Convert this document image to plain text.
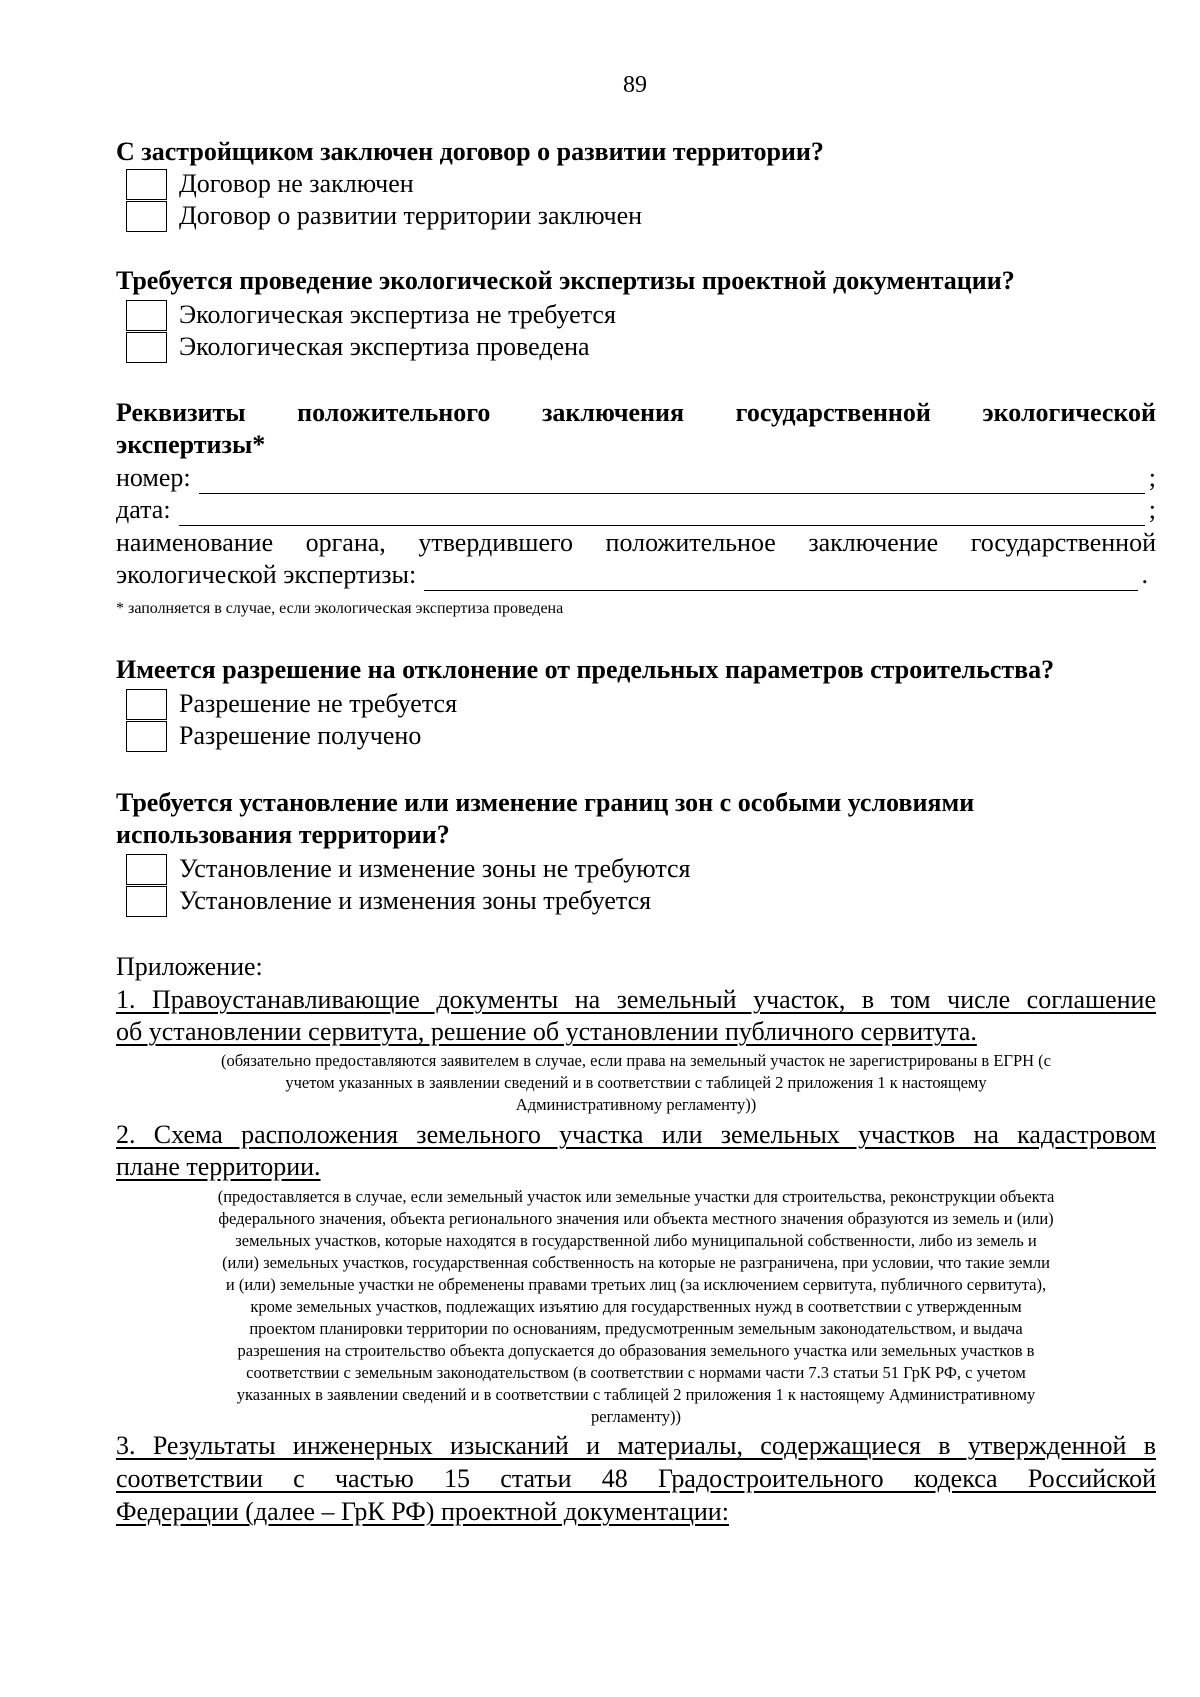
89
С застройщиком заключен договор о развитии территории?
Договор не заключен
Договор о развитии территории заключен
Требуется проведение экологической экспертизы проектной документации?
Экологическая экспертиза не требуется
Экологическая экспертиза проведена
Реквизиты положительного заключения государственной экологической
экспертизы*
номер:	;
дата:	;
наименование органа, утвердившего положительное заключение государственной
экологической экспертизы:	.
* заполняется в случае, если экологическая экспертиза проведена
Имеется разрешение на отклонение от предельных параметров строительства?
Разрешение не требуется
Разрешение получено
Требуется установление или изменение границ зон с особыми условиями
использования территории?
Установление и изменение зоны не требуются
Установление и изменения зоны требуется
Приложение:
1. Правоустанавливающие документы на земельный участок, в том числе соглашение
об установлении сервитута, решение об установлении публичного сервитута.
(обязательно предоставляются заявителем в случае, если права на земельный участок не зарегистрированы в ЕГРН (с
учетом указанных в заявлении сведений и в соответствии с таблицей 2 приложения 1 к настоящему
Административному регламенту))
2. Схема расположения земельного участка или земельных участков на кадастровом
плане территории.
(предоставляется в случае, если земельный участок или земельные участки для строительства, реконструкции объекта
федерального значения, объекта регионального значения или объекта местного значения образуются из земель и (или)
земельных участков, которые находятся в государственной либо муниципальной собственности, либо из земель и
(или) земельных участков, государственная собственность на которые не разграничена, при условии, что такие земли
и (или) земельные участки не обременены правами третьих лиц (за исключением сервитута, публичного сервитута),
кроме земельных участков, подлежащих изъятию для государственных нужд в соответствии с утвержденным
проектом планировки территории по основаниям, предусмотренным земельным законодательством, и выдача
разрешения на строительство объекта допускается до образования земельного участка или земельных участков в
соответствии с земельным законодательством (в соответствии с нормами части 7.3 статьи 51 ГрК РФ, с учетом
указанных в заявлении сведений и в соответствии с таблицей 2 приложения 1 к настоящему Административному
регламенту))
3. Результаты инженерных изысканий и материалы, содержащиеся в утвержденной в
соответствии с частью 15 статьи 48 Градостроительного кодекса Российской
Федерации (далее – ГрК РФ) проектной документации:
